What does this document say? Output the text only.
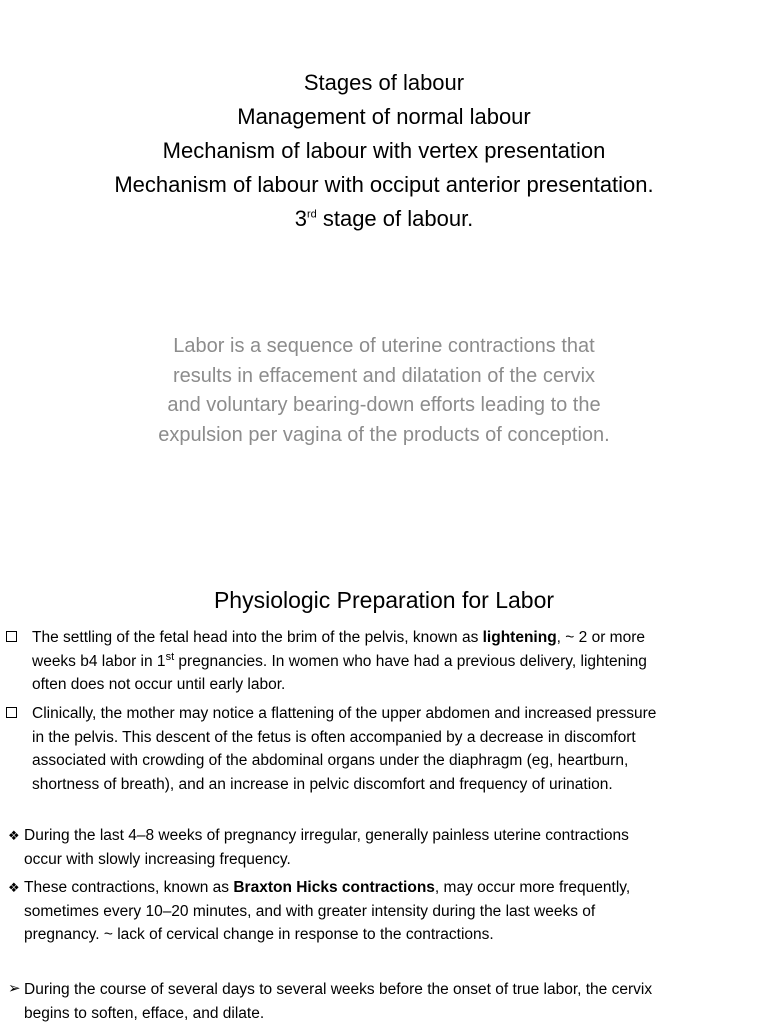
Stages of labour
Management of normal labour
Mechanism of labour with vertex presentation
Mechanism of labour with occiput anterior presentation.
3rd stage of labour.
Labor is a sequence of uterine contractions that
results in effacement and dilatation of the cervix
and voluntary bearing-down efforts leading to the
expulsion per vagina of the products of conception.
Physiologic Preparation for Labor
The settling of the fetal head into the brim of the pelvis, known as lightening, ~ 2 or more
weeks b4 labor in 1st pregnancies. In women who have had a previous delivery, lightening
often does not occur until early labor.
Clinically, the mother may notice a flattening of the upper abdomen and increased pressure
in the pelvis. This descent of the fetus is often accompanied by a decrease in discomfort
associated with crowding of the abdominal organs under the diaphragm (eg, heartburn,
shortness of breath), and an increase in pelvic discomfort and frequency of urination.
❖ During the last 4–8 weeks of pregnancy irregular, generally painless uterine contractions
occur with slowly increasing frequency.
❖ These contractions, known as Braxton Hicks contractions, may occur more frequently,
sometimes every 10–20 minutes, and with greater intensity during the last weeks of
pregnancy. ~ lack of cervical change in response to the contractions.
➢ During the course of several days to several weeks before the onset of true labor, the cervix
begins to soften, efface, and dilate.
